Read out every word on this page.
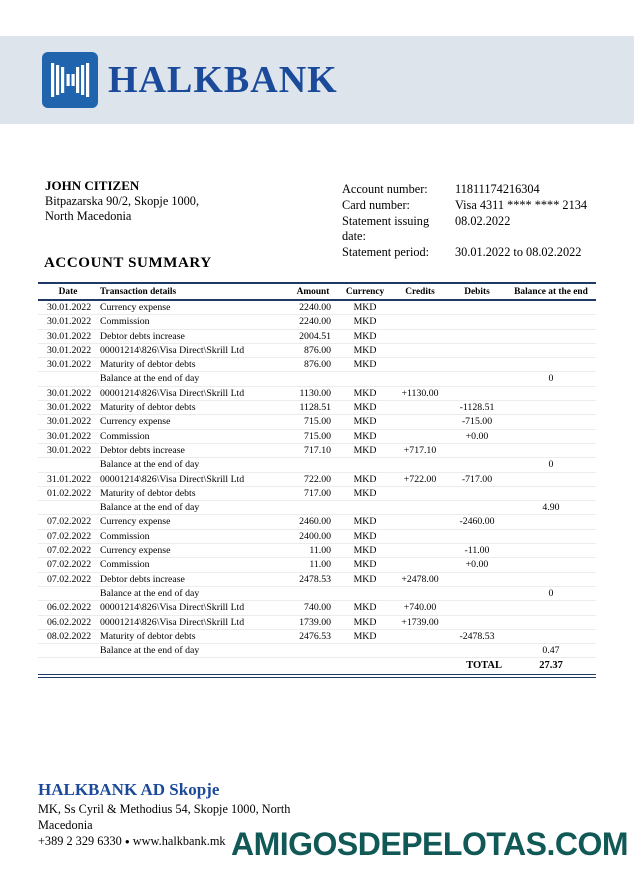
HALKBANK
JOHN CITIZEN
Bitpazarska 90/2, Skopje 1000,
North Macedonia
Account number:	11811174216304
Card number:	Visa 4311 **** **** 2134
Statement issuing date:
08.02.2022
Statement period:	30.01.2022 to 08.02.2022
ACCOUNT SUMMARY
Date	Transaction details	Amount	Currency	Credits	Debits	Balance at the end
30.01.2022	Currency expense	2240.00	MKD			
30.01.2022	Commission	2240.00	MKD			
30.01.2022	Debtor debts increase	2004.51	MKD			
30.01.2022	00001214\826\Visa Direct\Skrill Ltd	876.00	MKD			
30.01.2022	Maturity of debtor debts	876.00	MKD			
	Balance at the end of day					0
30.01.2022	00001214\826\Visa Direct\Skrill Ltd	1130.00	MKD	+1130.00		
30.01.2022	Maturity of debtor debts	1128.51	MKD		-1128.51	
30.01.2022	Currency expense	715.00	MKD		-715.00	
30.01.2022	Commission	715.00	MKD		+0.00	
30.01.2022	Debtor debts increase	717.10	MKD	+717.10		
	Balance at the end of day					0
31.01.2022	00001214\826\Visa Direct\Skrill Ltd	722.00	MKD	+722.00	-717.00	
01.02.2022	Maturity of debtor debts	717.00	MKD			
	Balance at the end of day					4.90
07.02.2022	Currency expense	2460.00	MKD		-2460.00	
07.02.2022	Commission	2400.00	MKD			
07.02.2022	Currency expense	11.00	MKD		-11.00	
07.02.2022	Commission	11.00	MKD		+0.00	
07.02.2022	Debtor debts increase	2478.53	MKD	+2478.00		
	Balance at the end of day					0
06.02.2022	00001214\826\Visa Direct\Skrill Ltd	740.00	MKD	+740.00		
06.02.2022	00001214\826\Visa Direct\Skrill Ltd	1739.00	MKD	+1739.00		
08.02.2022	Maturity of debtor debts	2476.53	MKD		-2478.53	
	Balance at the end of day					0.47
					TOTAL	27.37
HALKBANK AD Skopje
MK, Ss Cyril & Methodius 54, Skopje 1000, North
Macedonia
+389 2 329 6330 ● www.halkbank.mk AMIGOSDEPELOTAS.COM
